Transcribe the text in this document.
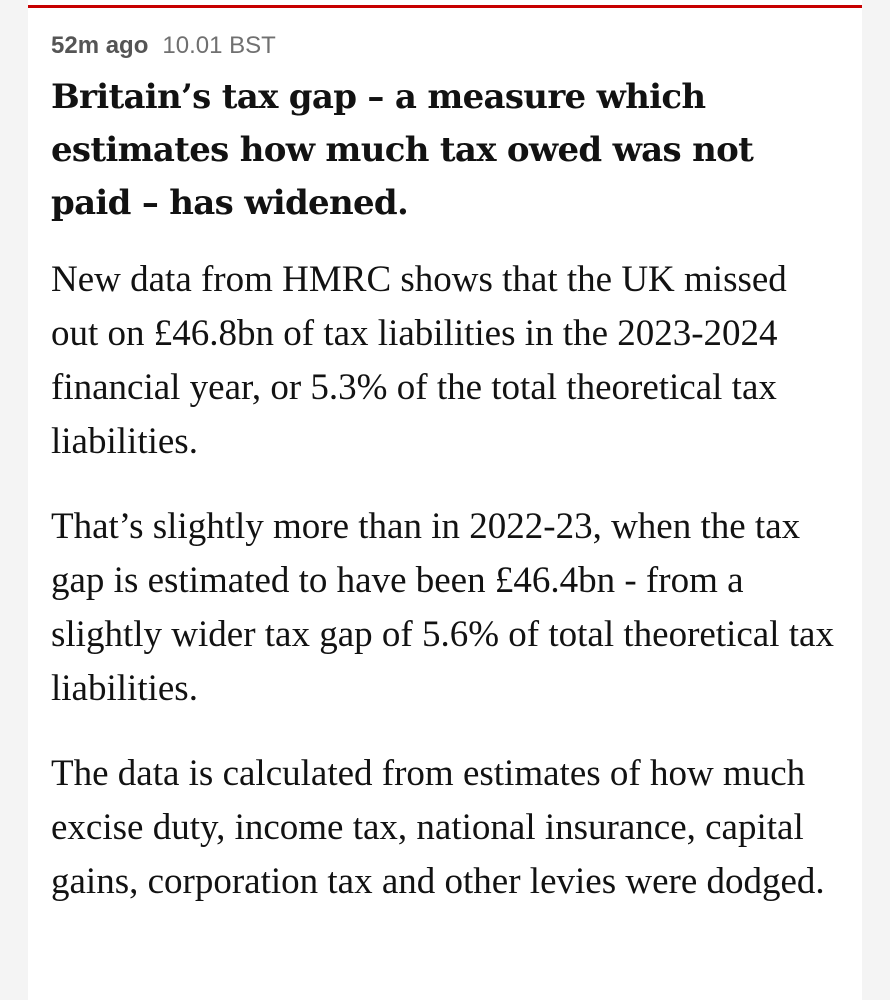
52m ago 10.01 BST
Britain’s tax gap – a measure which estimates how much tax owed was not paid – has widened.

New data from HMRC shows that the UK missed out on £46.8bn of tax liabilities in the 2023-2024 financial year, or 5.3% of the total theoretical tax liabilities.

That’s slightly more than in 2022-23, when the tax gap is estimated to have been £46.4bn - from a slightly wider tax gap of 5.6% of total theoretical tax liabilities.

The data is calculated from estimates of how much excise duty, income tax, national insurance, capital gains, corporation tax and other levies were dodged.
